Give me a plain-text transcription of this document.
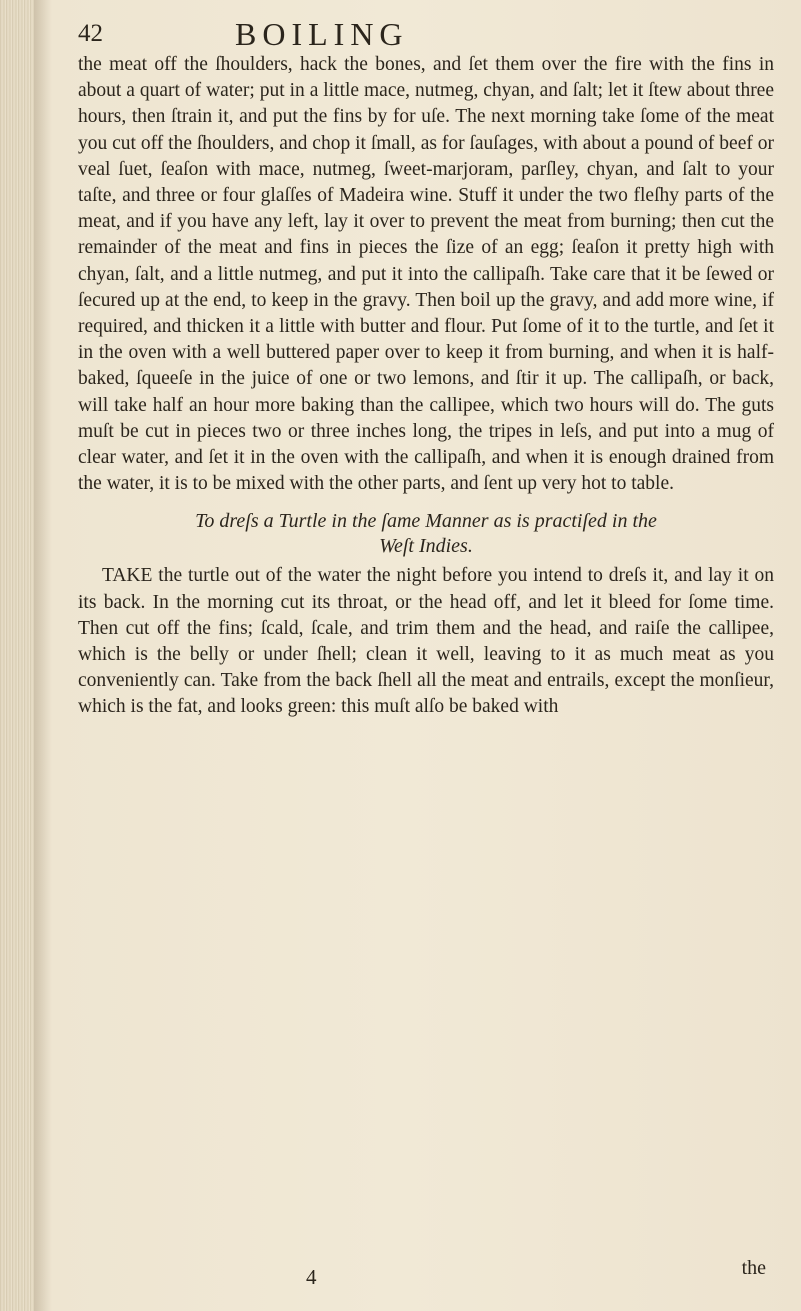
42	BOILING

the meat off the ſhoulders, hack the bones, and ſet them over the fire with the fins in about a quart of water; put in a little mace, nutmeg, chyan, and ſalt; let it ſtew about three hours, then ſtrain it, and put the fins by for uſe. The next morning take ſome of the meat you cut off the ſhoulders, and chop it ſmall, as for ſauſages, with about a pound of beef or veal ſuet, ſeaſon with mace, nutmeg, ſweet-marjoram, parſley, chyan, and ſalt to your taſte, and three or four glaſſes of Madeira wine. Stuff it under the two fleſhy parts of the meat, and if you have any left, lay it over to prevent the meat from burning; then cut the remainder of the meat and fins in pieces the ſize of an egg; ſeaſon it pretty high with chyan, ſalt, and a little nutmeg, and put it into the callipaſh. Take care that it be ſewed or ſecured up at the end, to keep in the gravy. Then boil up the gravy, and add more wine, if required, and thicken it a little with butter and flour. Put ſome of it to the turtle, and ſet it in the oven with a well buttered paper over to keep it from burning, and when it is half-baked, ſqueeſe in the juice of one or two lemons, and ſtir it up. The callipaſh, or back, will take half an hour more baking than the callipee, which two hours will do. The guts muſt be cut in pieces two or three inches long, the tripes in leſs, and put into a mug of clear water, and ſet it in the oven with the callipaſh, and when it is enough drained from the water, it is to be mixed with the other parts, and ſent up very hot to table.

To dreſs a Turtle in the ſame Manner as is practiſed in the
Weſt Indies.

TAKE the turtle out of the water the night before you intend to dreſs it, and lay it on its back. In the morning cut its throat, or the head off, and let it bleed for ſome time. Then cut off the fins; ſcald, ſcale, and trim them and the head, and raiſe the callipee, which is the belly or under ſhell; clean it well, leaving to it as much meat as you conveniently can. Take from the back ſhell all the meat and entrails, except the monſieur, which is the fat, and looks green: this muſt alſo be baked with

4	the
